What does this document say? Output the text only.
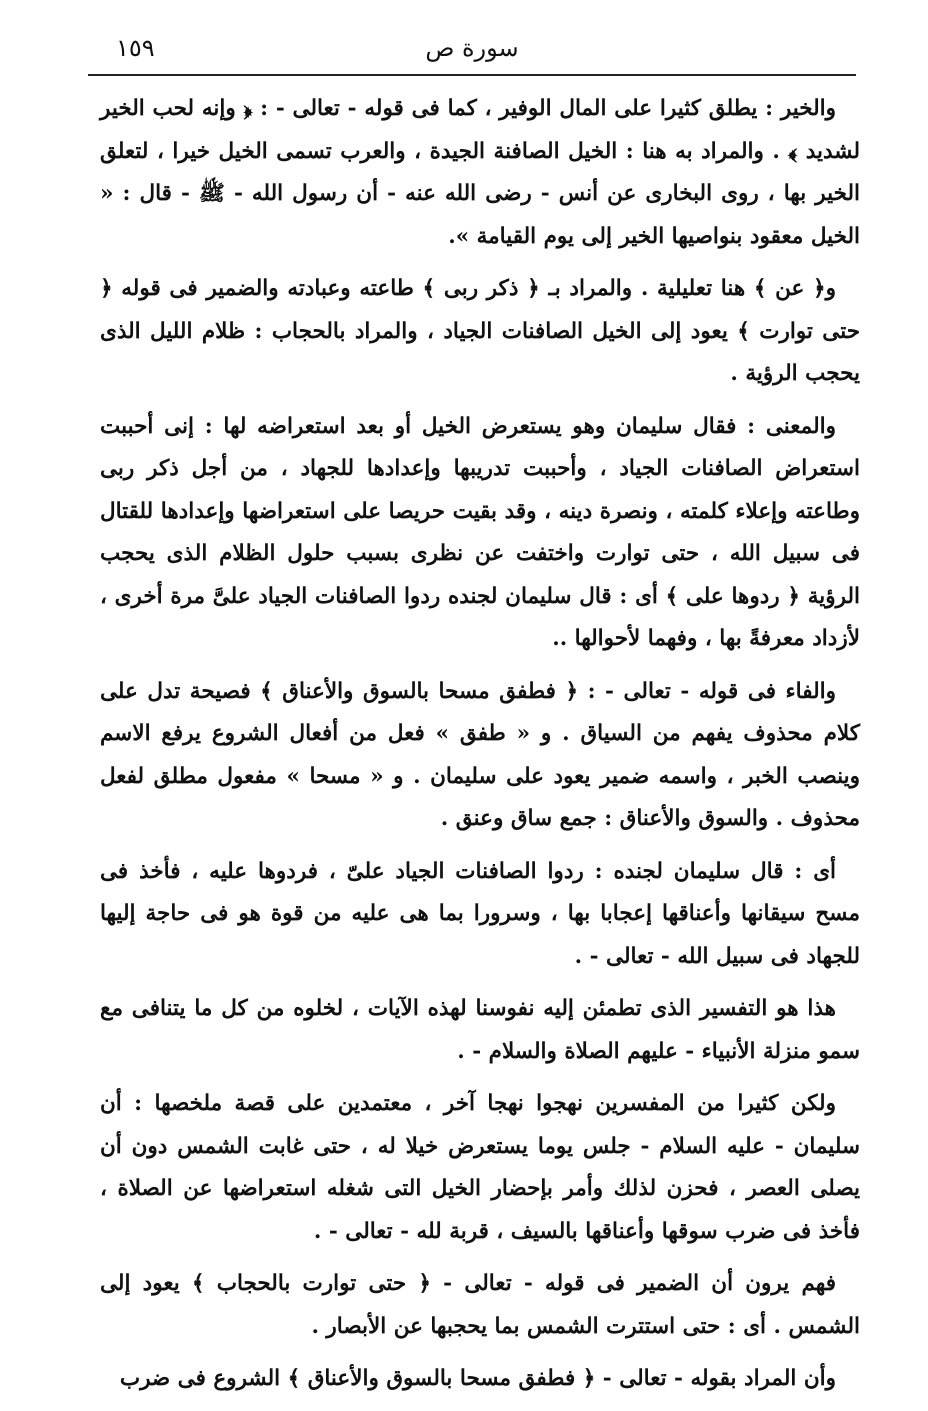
١٥٩	سورة ص

والخير : يطلق كثيرا على المال الوفير ، كما فى قوله - تعالى - : ﴿ وإنه لحب الخير لشديد ﴾ . والمراد به هنا : الخيل الصافنة الجيدة ، والعرب تسمى الخيل خيرا ، لتعلق الخير بها ، روى البخارى عن أنس - رضى الله عنه - أن رسول الله - ﷺ - قال : « الخيل معقود بنواصيها الخير إلى يوم القيامة ».

و﴿ عن ﴾ هنا تعليلية . والمراد بـ ﴿ ذكر ربى ﴾ طاعته وعبادته والضمير فى قوله ﴿ حتى توارت ﴾ يعود إلى الخيل الصافنات الجياد ، والمراد بالحجاب : ظلام الليل الذى يحجب الرؤية .

والمعنى : فقال سليمان وهو يستعرض الخيل أو بعد استعراضه لها : إنى أحببت استعراض الصافنات الجياد ، وأحببت تدريبها وإعدادها للجهاد ، من أجل ذكر ربى وطاعته وإعلاء كلمته ، ونصرة دينه ، وقد بقيت حريصا على استعراضها وإعدادها للقتال فى سبيل الله ، حتى توارت واختفت عن نظرى بسبب حلول الظلام الذى يحجب الرؤية ﴿ ردوها على ﴾ أى : قال سليمان لجنده ردوا الصافنات الجياد علىَّ مرة أخرى ، لأزداد معرفةً بها ، وفهما لأحوالها ..

والفاء فى قوله - تعالى - : ﴿ فطفق مسحا بالسوق والأعناق ﴾ فصيحة تدل على كلام محذوف يفهم من السياق . و « طفق » فعل من أفعال الشروع يرفع الاسم وينصب الخبر ، واسمه ضمير يعود على سليمان . و « مسحا » مفعول مطلق لفعل محذوف . والسوق والأعناق : جمع ساق وعنق .

أى : قال سليمان لجنده : ردوا الصافنات الجياد علىّ ، فردوها عليه ، فأخذ فى مسح سيقانها وأعناقها إعجابا بها ، وسرورا بما هى عليه من قوة هو فى حاجة إليها للجهاد فى سبيل الله - تعالى - .

هذا هو التفسير الذى تطمئن إليه نفوسنا لهذه الآيات ، لخلوه من كل ما يتنافى مع سمو منزلة الأنبياء - عليهم الصلاة والسلام - .

ولكن كثيرا من المفسرين نهجوا نهجا آخر ، معتمدين على قصة ملخصها : أن سليمان - عليه السلام - جلس يوما يستعرض خيلا له ، حتى غابت الشمس دون أن يصلى العصر ، فحزن لذلك وأمر بإحضار الخيل التى شغله استعراضها عن الصلاة ، فأخذ فى ضرب سوقها وأعناقها بالسيف ، قربة لله - تعالى - .

فهم يرون أن الضمير فى قوله - تعالى - ﴿ حتى توارت بالحجاب ﴾ يعود إلى الشمس . أى : حتى استترت الشمس بما يحجبها عن الأبصار .

وأن المراد بقوله - تعالى - ﴿ فطفق مسحا بالسوق والأعناق ﴾ الشروع فى ضرب
